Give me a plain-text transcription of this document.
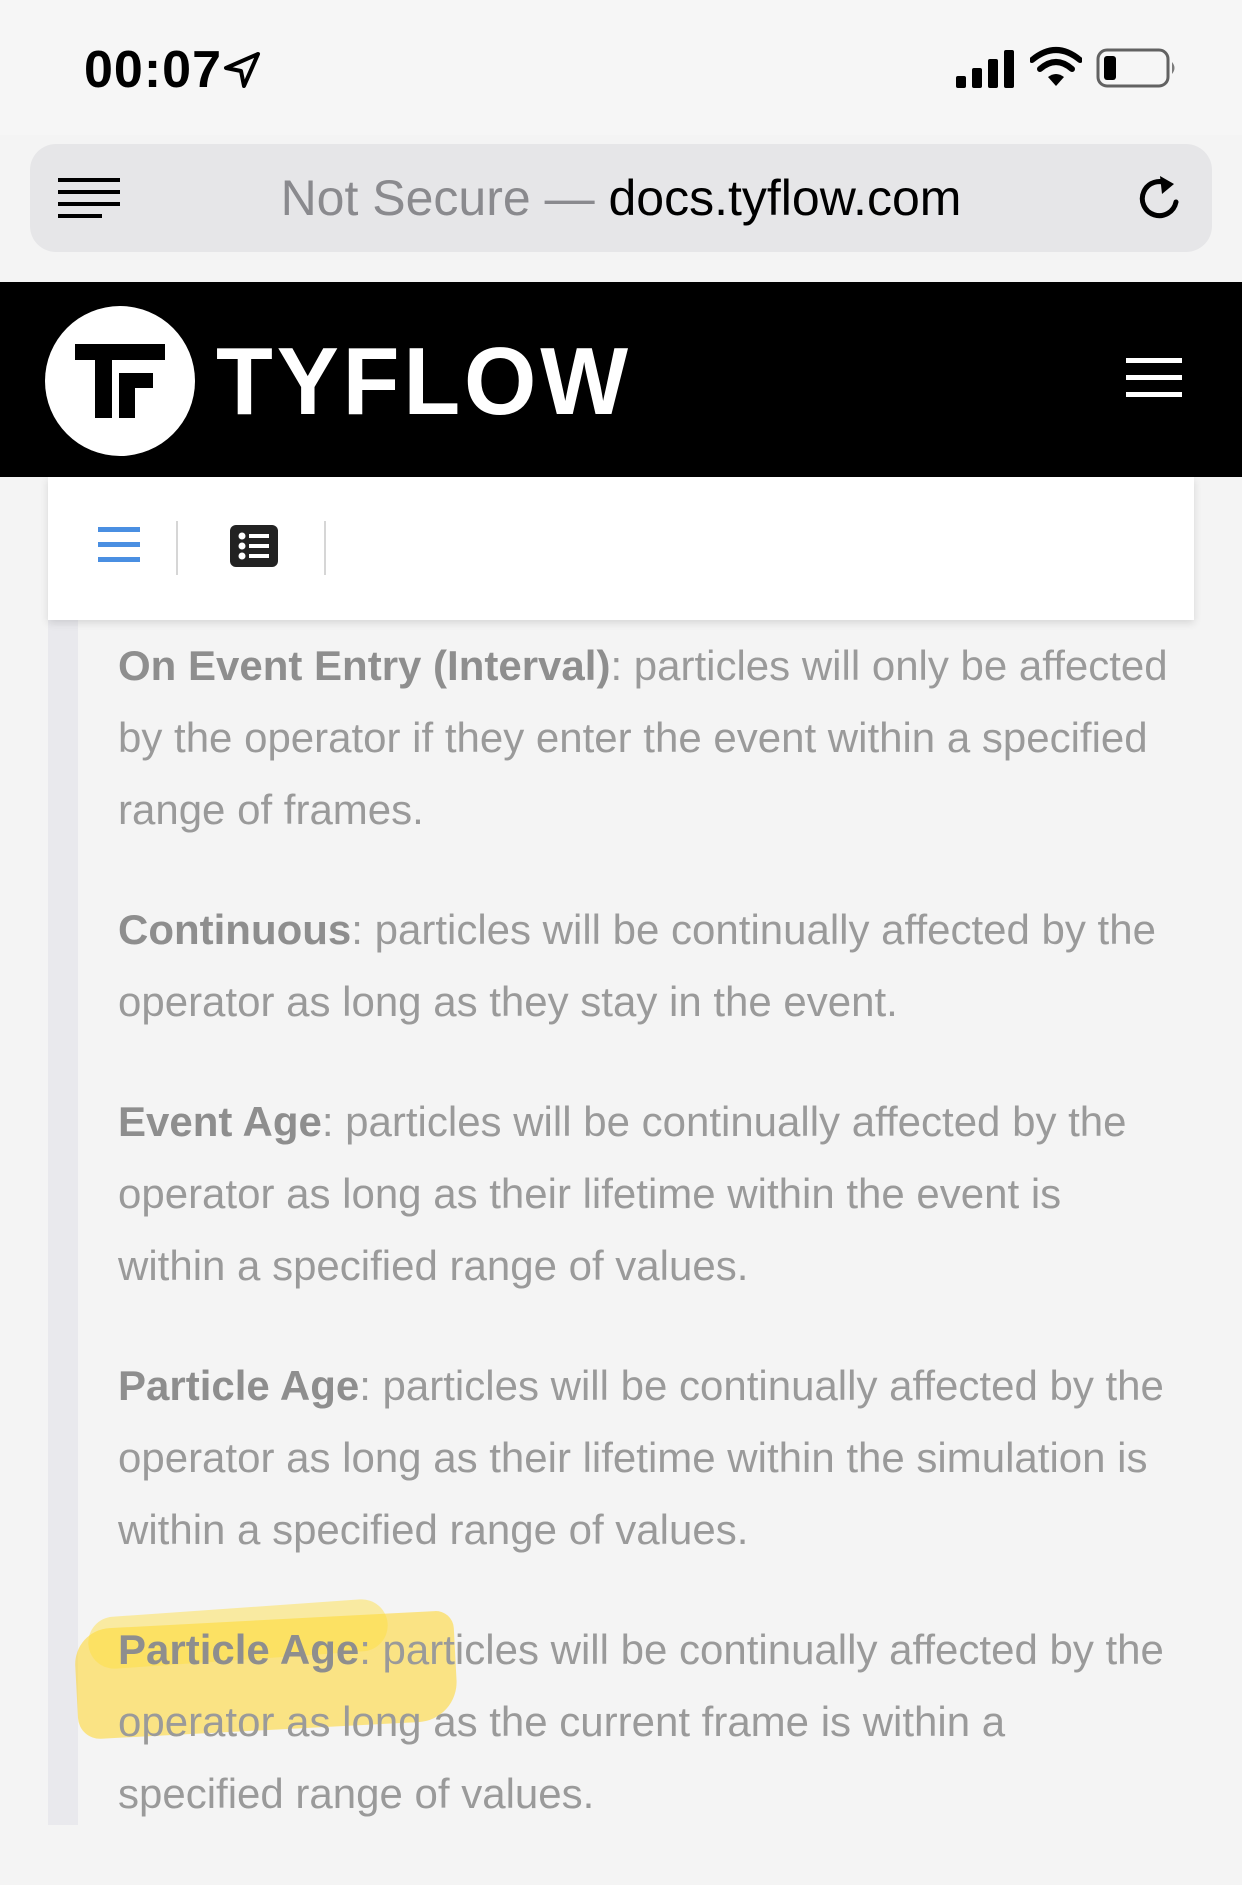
00:07
Not Secure — docs.tyflow.com
TYFLOW

On Event Entry (Interval): particles will only be affected by the operator if they enter the event within a specified range of frames.

Continuous: particles will be continually affected by the operator as long as they stay in the event.

Event Age: particles will be continually affected by the operator as long as their lifetime within the event is within a specified range of values.

Particle Age: particles will be continually affected by the operator as long as their lifetime within the simulation is within a specified range of values.

Particle Age: particles will be continually affected by the operator as long as the current frame is within a specified range of values.
